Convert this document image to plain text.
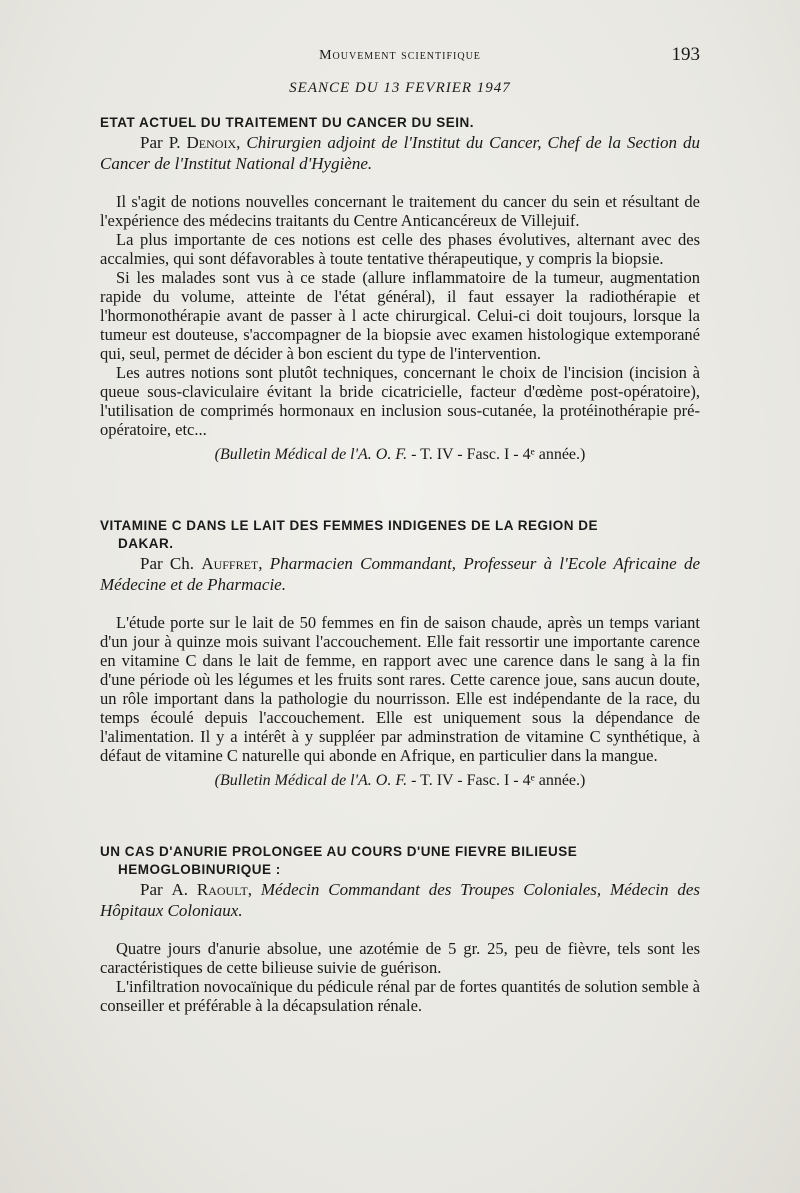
Mouvement scientifique	193
SEANCE DU 13 FEVRIER 1947

ETAT ACTUEL DU TRAITEMENT DU CANCER DU SEIN.

Par P. Denoix, Chirurgien adjoint de l'Institut du Cancer, Chef de la Section du Cancer de l'Institut National d'Hygiène.

Il s'agit de notions nouvelles concernant le traitement du cancer du sein et résultant de l'expérience des médecins traitants du Centre Anticancéreux de Villejuif.

La plus importante de ces notions est celle des phases évolutives, alternant avec des accalmies, qui sont défavorables à toute tentative thérapeutique, y compris la biopsie.

Si les malades sont vus à ce stade (allure inflammatoire de la tumeur, augmentation rapide du volume, atteinte de l'état général), il faut essayer la radiothérapie et l'hormonothérapie avant de passer à l acte chirurgical. Celui-ci doit toujours, lorsque la tumeur est douteuse, s'accompagner de la biopsie avec examen histologique extemporané qui, seul, permet de décider à bon escient du type de l'intervention.

Les autres notions sont plutôt techniques, concernant le choix de l'incision (incision à queue sous-claviculaire évitant la bride cicatricielle, facteur d'œdème post-opératoire), l'utilisation de comprimés hormonaux en inclusion sous-cutanée, la protéinothérapie pré-opératoire, etc...

(Bulletin Médical de l'A. O. F. - T. IV - Fasc. I - 4ᵉ année.)

VITAMINE C DANS LE LAIT DES FEMMES INDIGENES DE LA REGION DE

DAKAR.

Par Ch. Auffret, Pharmacien Commandant, Professeur à l'Ecole Africaine de Médecine et de Pharmacie.

L'étude porte sur le lait de 50 femmes en fin de saison chaude, après un temps variant d'un jour à quinze mois suivant l'accouchement. Elle fait ressortir une importante carence en vitamine C dans le lait de femme, en rapport avec une carence dans le sang à la fin d'une période où les légumes et les fruits sont rares. Cette carence joue, sans aucun doute, un rôle important dans la pathologie du nourrisson. Elle est indépendante de la race, du temps écoulé depuis l'accouchement. Elle est uniquement sous la dépendance de l'alimentation. Il y a intérêt à y suppléer par adminstration de vitamine C synthétique, à défaut de vitamine C naturelle qui abonde en Afrique, en particulier dans la mangue.

(Bulletin Médical de l'A. O. F. - T. IV - Fasc. I - 4ᵉ année.)

UN CAS D'ANURIE PROLONGEE AU COURS D'UNE FIEVRE BILIEUSE

HEMOGLOBINURIQUE :

Par A. Raoult, Médecin Commandant des Troupes Coloniales, Médecin des Hôpitaux Coloniaux.

Quatre jours d'anurie absolue, une azotémie de 5 gr. 25, peu de fièvre, tels sont les caractéristiques de cette bilieuse suivie de guérison.

L'infiltration novocaïnique du pédicule rénal par de fortes quantités de solution semble à conseiller et préférable à la décapsulation rénale.
